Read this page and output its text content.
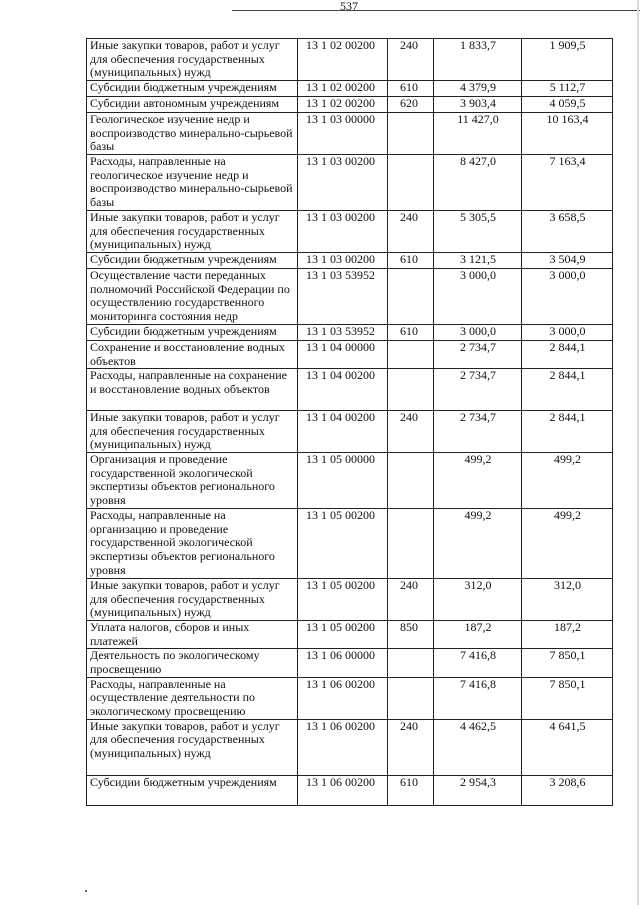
537
Иные закупки товаров, работ и услуг для обеспечения государственных (муниципальных) нужд	13 1 02 00200	240	1 833,7	1 909,5
Субсидии бюджетным учреждениям	13 1 02 00200	610	4 379,9	5 112,7
Субсидии автономным учреждениям	13 1 02 00200	620	3 903,4	4 059,5
Геологическое изучение недр и воспроизводство минерально-сырьевой базы	13 1 03 00000		11 427,0	10 163,4
Расходы, направленные на геологическое изучение недр и воспроизводство минерально-сырьевой базы	13 1 03 00200		8 427,0	7 163,4
Иные закупки товаров, работ и услуг для обеспечения государственных (муниципальных) нужд	13 1 03 00200	240	5 305,5	3 658,5
Субсидии бюджетным учреждениям	13 1 03 00200	610	3 121,5	3 504,9
Осуществление части переданных полномочий Российской Федерации по осуществлению государственного мониторинга состояния недр	13 1 03 53952		3 000,0	3 000,0
Субсидии бюджетным учреждениям	13 1 03 53952	610	3 000,0	3 000,0
Сохранение и восстановление водных объектов	13 1 04 00000		2 734,7	2 844,1
Расходы, направленные на сохранение и восстановление водных объектов	13 1 04 00200		2 734,7	2 844,1
Иные закупки товаров, работ и услуг для обеспечения государственных (муниципальных) нужд	13 1 04 00200	240	2 734,7	2 844,1
Организация и проведение государственной экологической экспертизы объектов регионального уровня	13 1 05 00000		499,2	499,2
Расходы, направленные на организацию и проведение государственной экологической экспертизы объектов регионального уровня	13 1 05 00200		499,2	499,2
Иные закупки товаров, работ и услуг для обеспечения государственных (муниципальных) нужд	13 1 05 00200	240	312,0	312,0
Уплата налогов, сборов и иных платежей	13 1 05 00200	850	187,2	187,2
Деятельность по экологическому просвещению	13 1 06 00000		7 416,8	7 850,1
Расходы, направленные на осуществление деятельности по экологическому просвещению	13 1 06 00200		7 416,8	7 850,1
Иные закупки товаров, работ и услуг для обеспечения государственных (муниципальных) нужд	13 1 06 00200	240	4 462,5	4 641,5
Субсидии бюджетным учреждениям	13 1 06 00200	610	2 954,3	3 208,6
